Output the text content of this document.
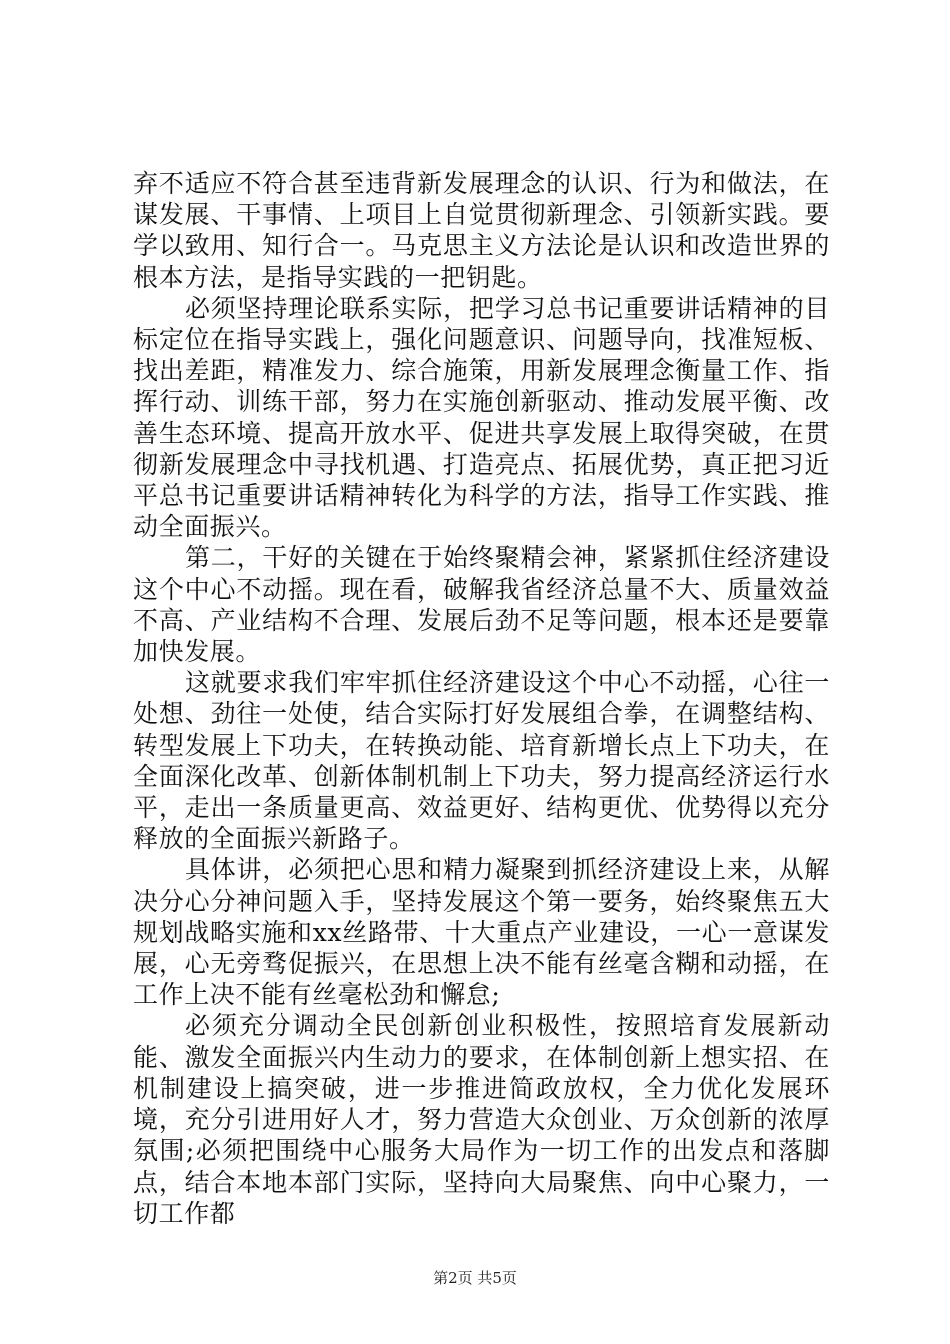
弃不适应不符合甚至违背新发展理念的认识、行为和做法，在谋发展、干事情、上项目上自觉贯彻新理念、引领新实践。要学以致用、知行合一。马克思主义方法论是认识和改造世界的根本方法，是指导实践的一把钥匙。

必须坚持理论联系实际，把学习总书记重要讲话精神的目标定位在指导实践上，强化问题意识、问题导向，找准短板、找出差距，精准发力、综合施策，用新发展理念衡量工作、指挥行动、训练干部，努力在实施创新驱动、推动发展平衡、改善生态环境、提高开放水平、促进共享发展上取得突破，在贯彻新发展理念中寻找机遇、打造亮点、拓展优势，真正把习近平总书记重要讲话精神转化为科学的方法，指导工作实践、推动全面振兴。

第二，干好的关键在于始终聚精会神，紧紧抓住经济建设这个中心不动摇。现在看，破解我省经济总量不大、质量效益不高、产业结构不合理、发展后劲不足等问题，根本还是要靠加快发展。

这就要求我们牢牢抓住经济建设这个中心不动摇，心往一处想、劲往一处使，结合实际打好发展组合拳，在调整结构、转型发展上下功夫，在转换动能、培育新增长点上下功夫，在全面深化改革、创新体制机制上下功夫，努力提高经济运行水平，走出一条质量更高、效益更好、结构更优、优势得以充分释放的全面振兴新路子。

具体讲，必须把心思和精力凝聚到抓经济建设上来，从解决分心分神问题入手，坚持发展这个第一要务，始终聚焦五大规划战略实施和xx丝路带、十大重点产业建设，一心一意谋发展，心无旁骛促振兴，在思想上决不能有丝毫含糊和动摇，在工作上决不能有丝毫松劲和懈怠;

必须充分调动全民创新创业积极性，按照培育发展新动能、激发全面振兴内生动力的要求，在体制创新上想实招、在机制建设上搞突破，进一步推进简政放权，全力优化发展环境，充分引进用好人才，努力营造大众创业、万众创新的浓厚氛围;必须把围绕中心服务大局作为一切工作的出发点和落脚点，结合本地本部门实际，坚持向大局聚焦、向中心聚力，一切工作都

第2页 共5页
